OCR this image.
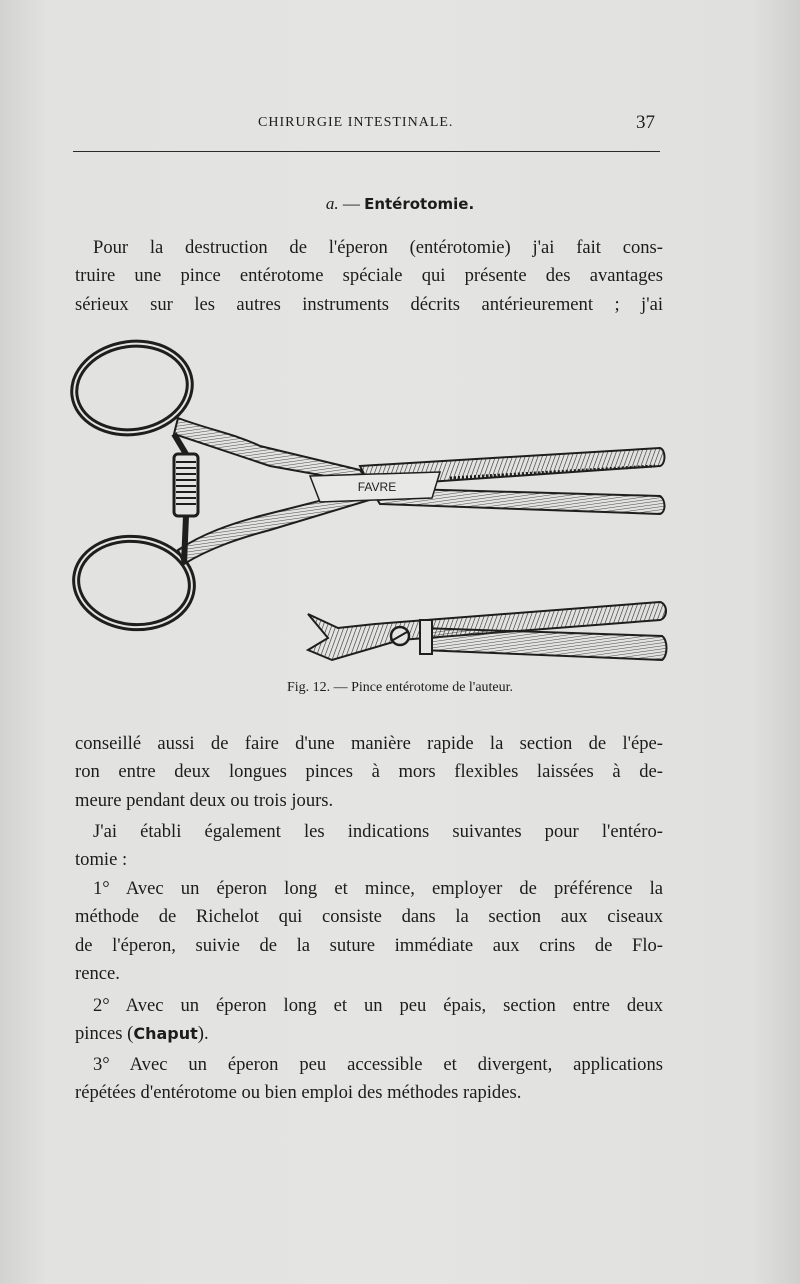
CHIRURGIE INTESTINALE.	37
a. — Entérotomie.
Pour la destruction de l'éperon (entérotomie) j'ai fait cons-
truire une pince entérotome spéciale qui présente des avantages
sérieux sur les autres instruments décrits antérieurement ; j'ai
FAVRE
Fig. 12. — Pince entérotome de l'auteur.
conseillé aussi de faire d'une manière rapide la section de l'épe-
ron entre deux longues pinces à mors flexibles laissées à de-
meure pendant deux ou trois jours.
J'ai établi également les indications suivantes pour l'entéro-
tomie :
1° Avec un éperon long et mince, employer de préférence la
méthode de Richelot qui consiste dans la section aux ciseaux
de l'éperon, suivie de la suture immédiate aux crins de Flo-
rence.
2° Avec un éperon long et un peu épais, section entre deux
pinces (Chaput).
3° Avec un éperon peu accessible et divergent, applications
répétées d'entérotome ou bien emploi des méthodes rapides.
